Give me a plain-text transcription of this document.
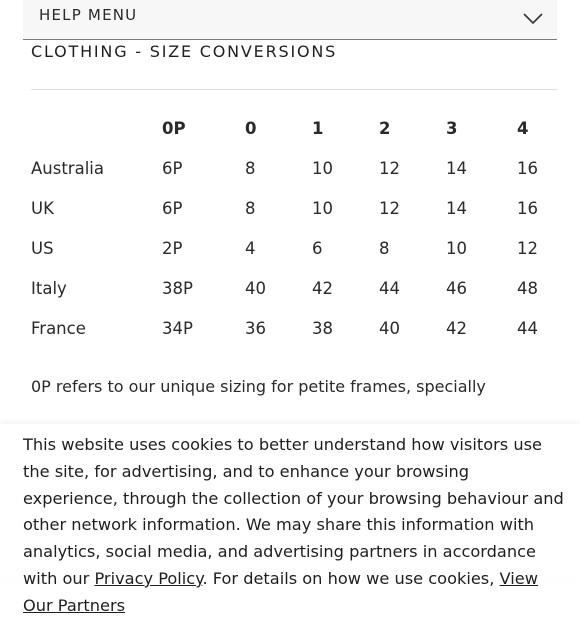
HELP MENU
CLOTHING - SIZE CONVERSIONS
	0P	0	1	2	3	4
Australia	6P	8	10	12	14	16
UK	6P	8	10	12	14	16
US	2P	4	6	8	10	12
Italy	38P	40	42	44	46	48
France	34P	36	38	40	42	44
0P refers to our unique sizing for petite frames, specially
This website uses cookies to better understand how visitors use the site, for advertising, and to enhance your browsing experience, through the collection of your browsing behaviour and other network information. We may share this information with analytics, social media, and advertising partners in accordance with our Privacy Policy. For details on how we use cookies, View Our Partners
